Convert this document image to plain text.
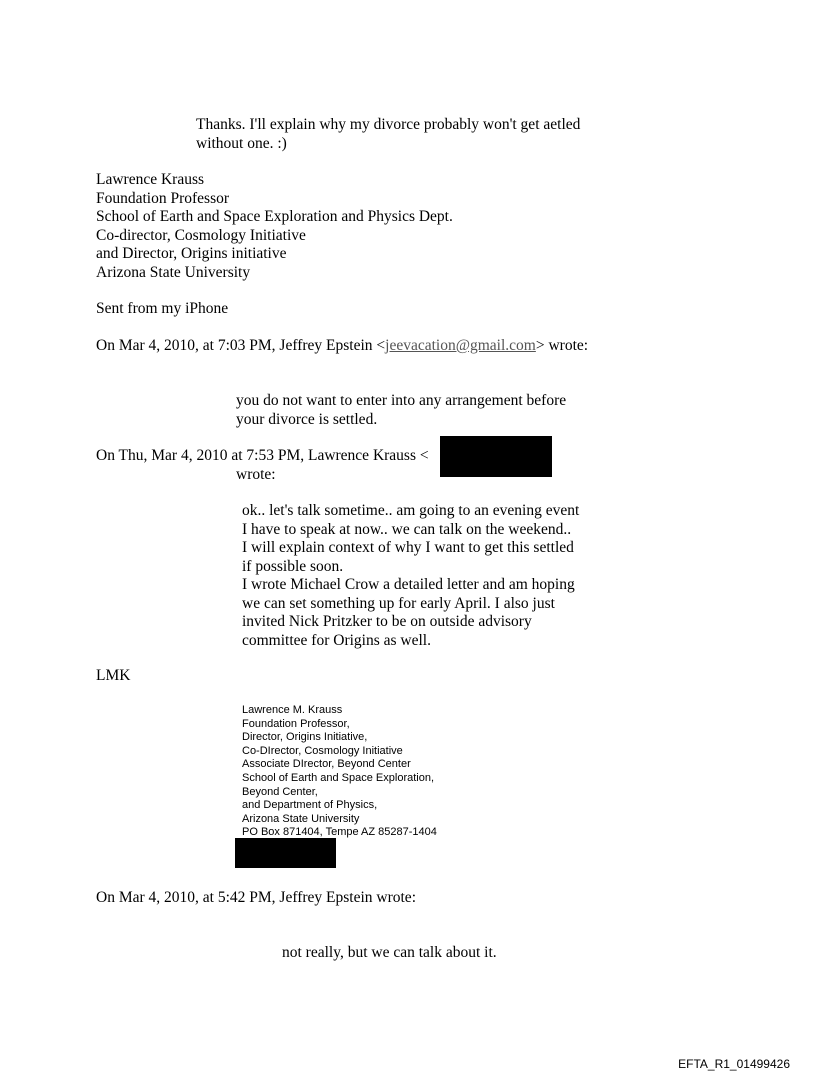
Thanks. I'll explain why my divorce probably won't get aetled
without one. :)
Lawrence Krauss
Foundation Professor
School of Earth and Space Exploration and Physics Dept.
Co-director, Cosmology Initiative
and Director, Origins initiative
Arizona State University
Sent from my iPhone
On Mar 4, 2010, at 7:03 PM, Jeffrey Epstein <jeevacation@gmail.com> wrote:
you do not want to enter into any arrangement before
your divorce is settled.
On Thu, Mar 4, 2010 at 7:53 PM, Lawrence Krauss <
wrote:
ok.. let's talk sometime.. am going to an evening event
I have to speak at now.. we can talk on the weekend..
I will explain context of why I want to get this settled
if possible soon.
I wrote Michael Crow a detailed letter and am hoping
we can set something up for early April. I also just
invited Nick Pritzker to be on outside advisory
committee for Origins as well.
LMK
Lawrence M. Krauss
Foundation Professor,
Director, Origins Initiative,
Co-DIrector, Cosmology Initiative
Associate DIrector, Beyond Center
School of Earth and Space Exploration,
Beyond Center,
and Department of Physics,
Arizona State University
PO Box 871404, Tempe AZ 85287-1404
On Mar 4, 2010, at 5:42 PM, Jeffrey Epstein wrote:
not really, but we can talk about it.
EFTA_R1_01499426
